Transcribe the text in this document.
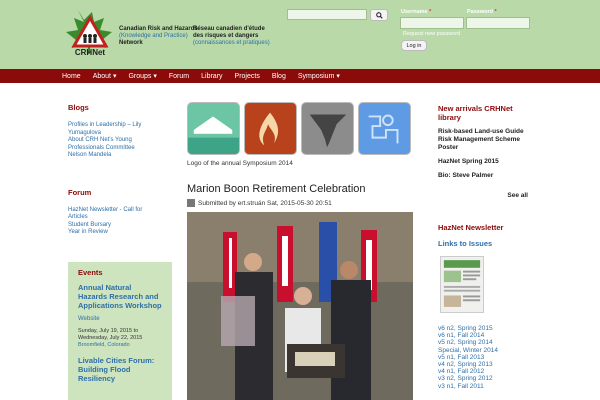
CRHNet
Canadian Risk and Hazards
(Knowledge and Practice)
Network
Réseau canadien d'étude
des risques et dangers
(connaissances et pratiques)
Username *	Password *
Request new password
Log in
Home	About ▾	Groups ▾	Forum	Library	Projects	Blog	Symposium ▾
Blogs
Profiles in Leadership – Lily
Yumagulova
About CRH Net's Young
Professionals Committee
Nelson Mandela
Forum
HazNet Newsletter - Call for
Articles
Student Bursary
Year in Review
Events
Annual Natural Hazards Research and Applications Workshop
Website
Sunday, July 19, 2015 to
Wednesday, July 22, 2015
Broomfield, Colorado
Livable Cities Forum: Building Flood Resiliency
Logo of the annual Symposium 2014
Marion Boon Retirement Celebration
Submitted by ert.struán Sat, 2015-05-30 20:51
New arrivals CRHNet library
Risk-based Land-use Guide Risk Management Scheme Poster
HazNet Spring 2015
Bio: Steve Palmer
See all
HazNet Newsletter
Links to Issues
v6 n2, Spring 2015
v6 n1, Fall 2014
v5 n2, Spring 2014
Special, Winter 2014
v5 n1, Fall 2013
v4 n2, Spring 2013
v4 n1, Fall 2012
v3 n2, Spring 2012
v3 n1, Fall 2011
